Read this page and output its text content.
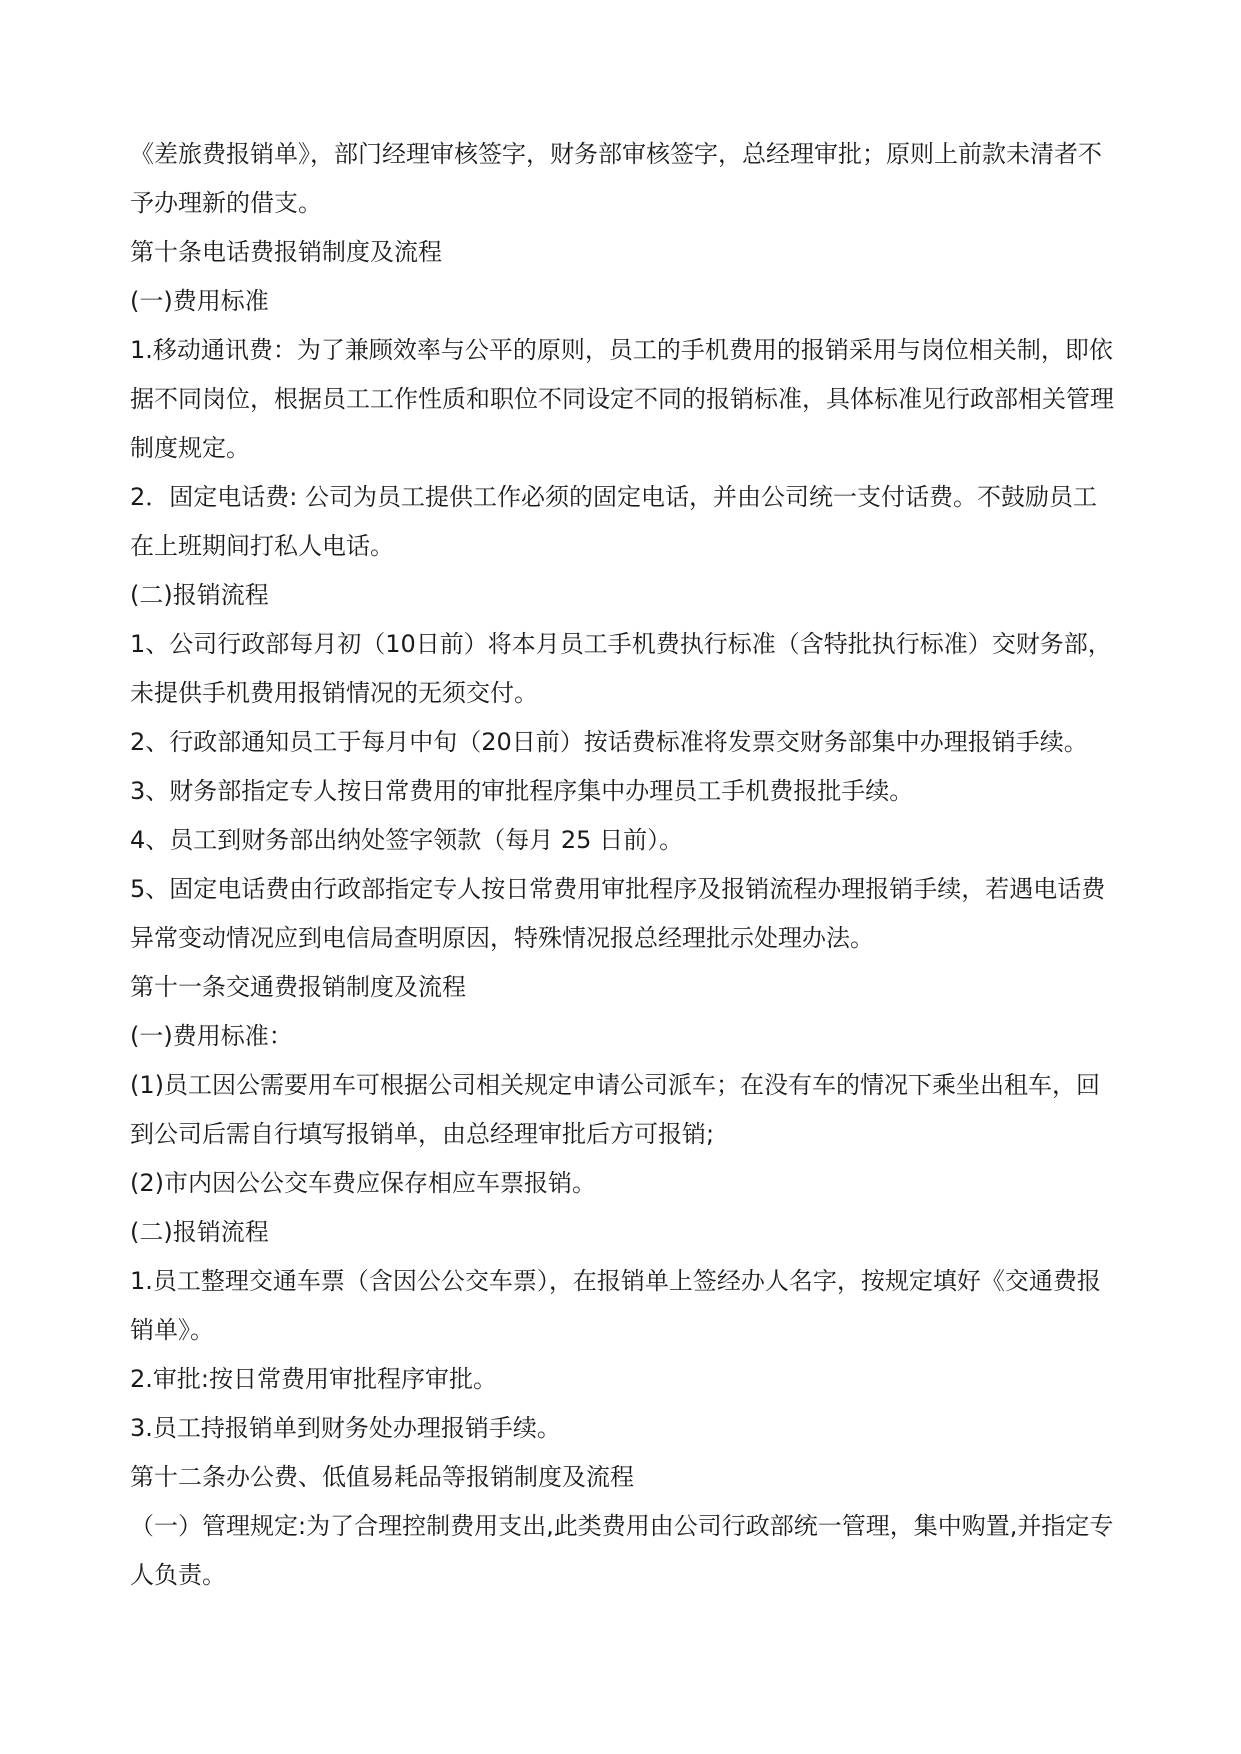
《差旅费报销单》，部门经理审核签字，财务部审核签字，总经理审批；原则上前款未清者不予办理新的借支。

第十条电话费报销制度及流程

(一)费用标准

1.移动通讯费：为了兼顾效率与公平的原则，员工的手机费用的报销采用与岗位相关制，即依据不同岗位，根据员工工作性质和职位不同设定不同的报销标准，具体标准见行政部相关管理制度规定。

2．固定电话费: 公司为员工提供工作必须的固定电话，并由公司统一支付话费。不鼓励员工在上班期间打私人电话。

(二)报销流程

1、公司行政部每月初（10日前）将本月员工手机费执行标准（含特批执行标准）交财务部，未提供手机费用报销情况的无须交付。

2、行政部通知员工于每月中旬（20日前）按话费标准将发票交财务部集中办理报销手续。

3、财务部指定专人按日常费用的审批程序集中办理员工手机费报批手续。

4、员工到财务部出纳处签字领款（每月 25 日前）。

5、固定电话费由行政部指定专人按日常费用审批程序及报销流程办理报销手续，若遇电话费异常变动情况应到电信局查明原因，特殊情况报总经理批示处理办法。

第十一条交通费报销制度及流程

(一)费用标准：

(1)员工因公需要用车可根据公司相关规定申请公司派车；在没有车的情况下乘坐出租车，回到公司后需自行填写报销单，由总经理审批后方可报销;

(2)市内因公公交车费应保存相应车票报销。

(二)报销流程

1.员工整理交通车票（含因公公交车票），在报销单上签经办人名字，按规定填好《交通费报销单》。

2.审批:按日常费用审批程序审批。

3.员工持报销单到财务处办理报销手续。

第十二条办公费、低值易耗品等报销制度及流程

（一）管理规定:为了合理控制费用支出,此类费用由公司行政部统一管理，集中购置,并指定专人负责。
